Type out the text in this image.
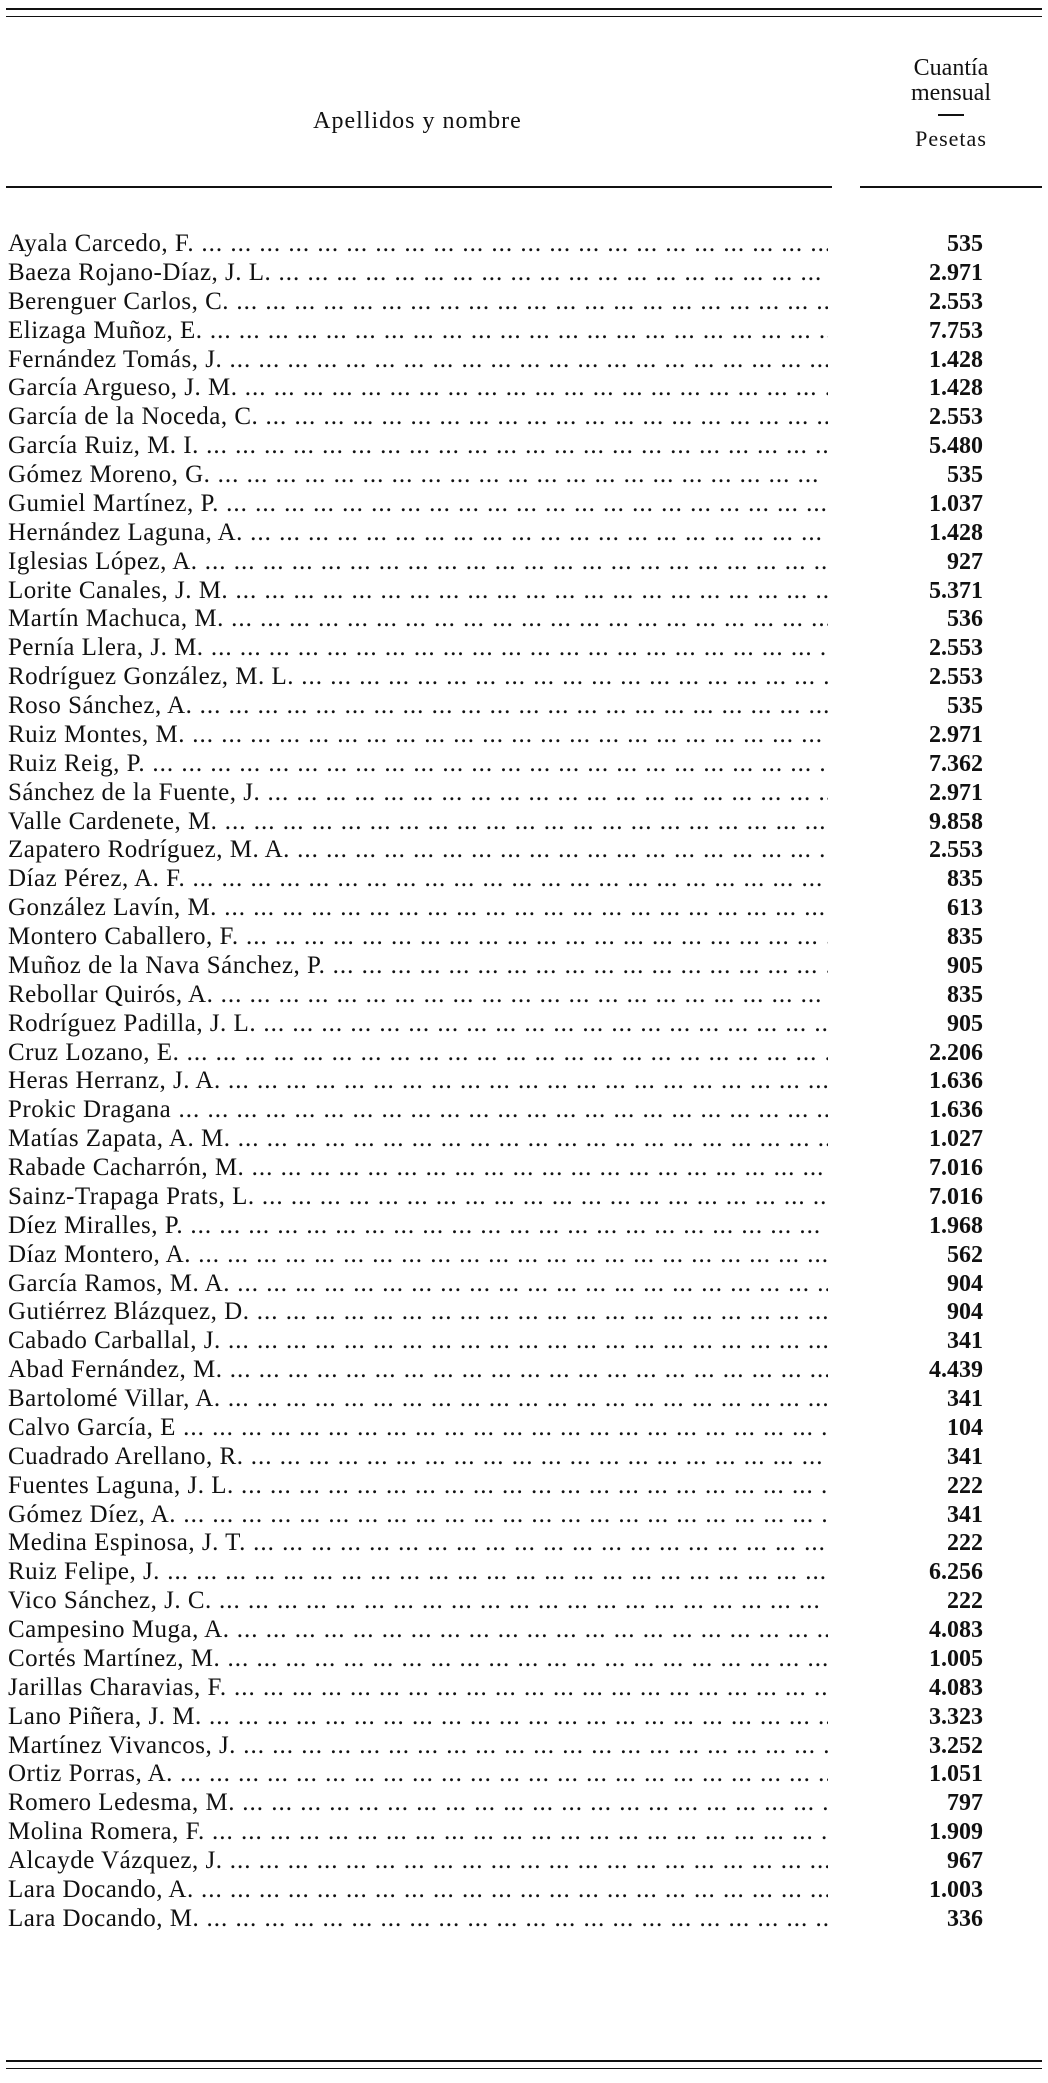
Apellidos y nombre
Cuantía
mensual
Pesetas
Ayala Carcedo, F. ... .	535
Baeza Rojano-Díaz, J. L. ... .	2.971
Berenguer Carlos, C. ... .	2.553
Elizaga Muñoz, E. ... .	7.753
Fernández Tomás, J. ... .	1.428
García Argueso, J. M. ... .	1.428
García de la Noceda, C. ... .	2.553
García Ruiz, M. I. ... .	5.480
Gómez Moreno, G. ... .	535
Gumiel Martínez, P. ... .	1.037
Hernández Laguna, A. ... .	1.428
Iglesias López, A. ... .	927
Lorite Canales, J. M. ... .	5.371
Martín Machuca, M. ... .	536
Pernía Llera, J. M. ... .	2.553
Rodríguez González, M. L. ... .	2.553
Roso Sánchez, A. ... .	535
Ruiz Montes, M. ... .	2.971
Ruiz Reig, P. ... .	7.362
Sánchez de la Fuente, J. ... .	2.971
Valle Cardenete, M. ... .	9.858
Zapatero Rodríguez, M. A. ... .	2.553
Díaz Pérez, A. F. ... .	835
González Lavín, M. ... .	613
Montero Caballero, F. ... .	835
Muñoz de la Nava Sánchez, P. ... .	905
Rebollar Quirós, A. ... .	835
Rodríguez Padilla, J. L. ... .	905
Cruz Lozano, E. ... .	2.206
Heras Herranz, J. A. ... .	1.636
Prokic Dragana ... .	1.636
Matías Zapata, A. M. ... .	1.027
Rabade Cacharrón, M. ... .	7.016
Sainz-Trapaga Prats, L. ... .	7.016
Díez Miralles, P. ... .	1.968
Díaz Montero, A. ... .	562
García Ramos, M. A. ... .	904
Gutiérrez Blázquez, D. ... .	904
Cabado Carballal, J. ... .	341
Abad Fernández, M. ... .	4.439
Bartolomé Villar, A. ... .	341
Calvo García, E ... .	104
Cuadrado Arellano, R. ... .	341
Fuentes Laguna, J. L. ... .	222
Gómez Díez, A. ... .	341
Medina Espinosa, J. T. ... .	222
Ruiz Felipe, J. ... .	6.256
Vico Sánchez, J. C. ... .	222
Campesino Muga, A. ... .	4.083
Cortés Martínez, M. ... .	1.005
Jarillas Charavias, F. ... .	4.083
Lano Piñera, J. M. ... .	3.323
Martínez Vivancos, J. ... .	3.252
Ortiz Porras, A. ... .	1.051
Romero Ledesma, M. ... .	797
Molina Romera, F. ... .	1.909
Alcayde Vázquez, J. ... .	967
Lara Docando, A. ... .	1.003
Lara Docando, M. ... .	336
